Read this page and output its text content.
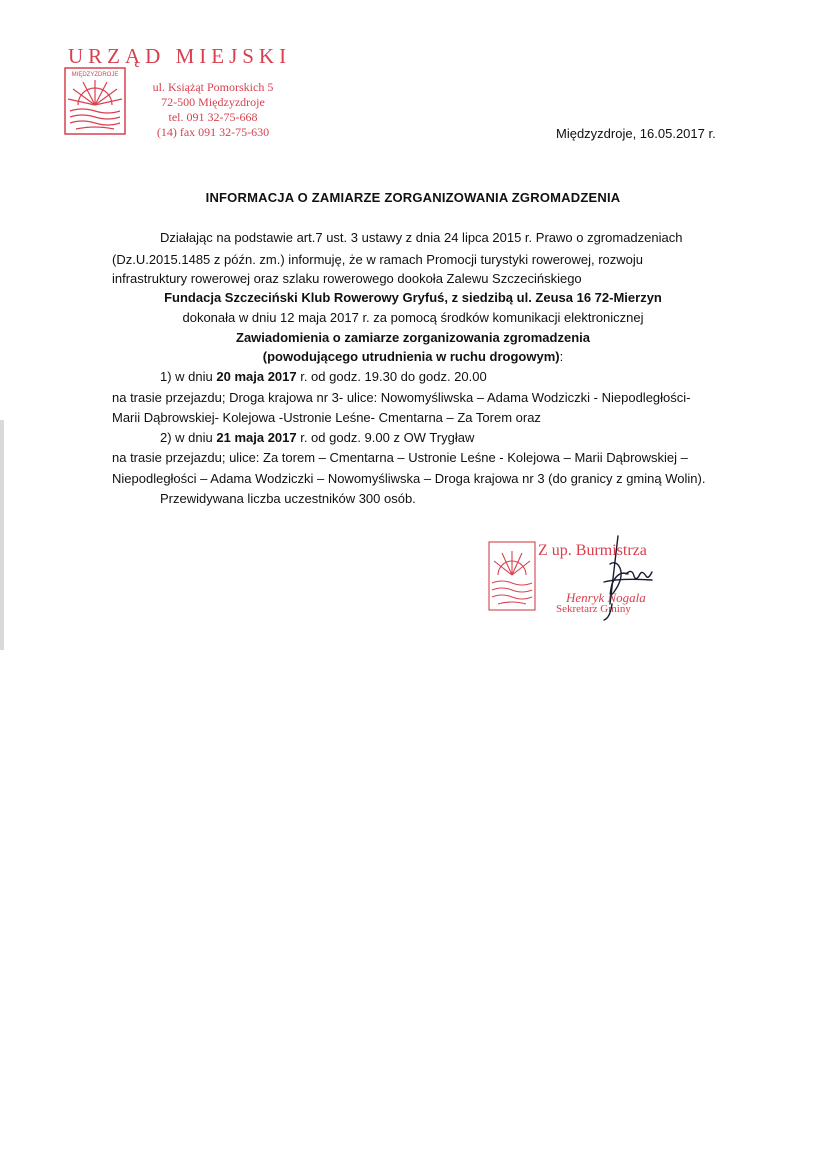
URZĄD MIEJSKI
MIĘDZYZDROJE
ul. Książąt Pomorskich 5
72-500 Międzyzdroje
tel. 091 32-75-668
(14) fax 091 32-75-630	Międzyzdroje, 16.05.2017 r.
INFORMACJA O ZAMIARZE ZORGANIZOWANIA ZGROMADZENIA
Działając na podstawie art.7 ust. 3 ustawy z dnia 24 lipca 2015 r. Prawo o zgromadzeniach
(Dz.U.2015.1485 z późn. zm.) informuję, że w ramach Promocji turystyki rowerowej, rozwoju
infrastruktury rowerowej oraz szlaku rowerowego dookoła Zalewu Szczecińskiego
Fundacja Szczeciński Klub Rowerowy Gryfuś, z siedzibą ul. Zeusa 16 72-Mierzyn
dokonała w dniu 12 maja 2017 r. za pomocą środków komunikacji elektronicznej
Zawiadomienia o zamiarze zorganizowania zgromadzenia
(powodującego utrudnienia w ruchu drogowym):
1) w dniu 20 maja 2017 r. od godz. 19.30 do godz. 20.00
na trasie przejazdu; Droga krajowa nr 3- ulice: Nowomyśliwska – Adama Wodziczki - Niepodległości-
Marii Dąbrowskiej- Kolejowa -Ustronie Leśne- Cmentarna – Za Torem oraz
2) w dniu 21 maja 2017 r. od godz. 9.00 z OW Trygław
na trasie przejazdu; ulice: Za torem – Cmentarna – Ustronie Leśne - Kolejowa – Marii Dąbrowskiej –
Niepodległości – Adama Wodziczki – Nowomyśliwska – Droga krajowa nr 3 (do granicy z gminą Wolin).
Przewidywana liczba uczestników 300 osób.
Z up. Burmistrza
Henryk Nogala
Sekretarz Gminy
